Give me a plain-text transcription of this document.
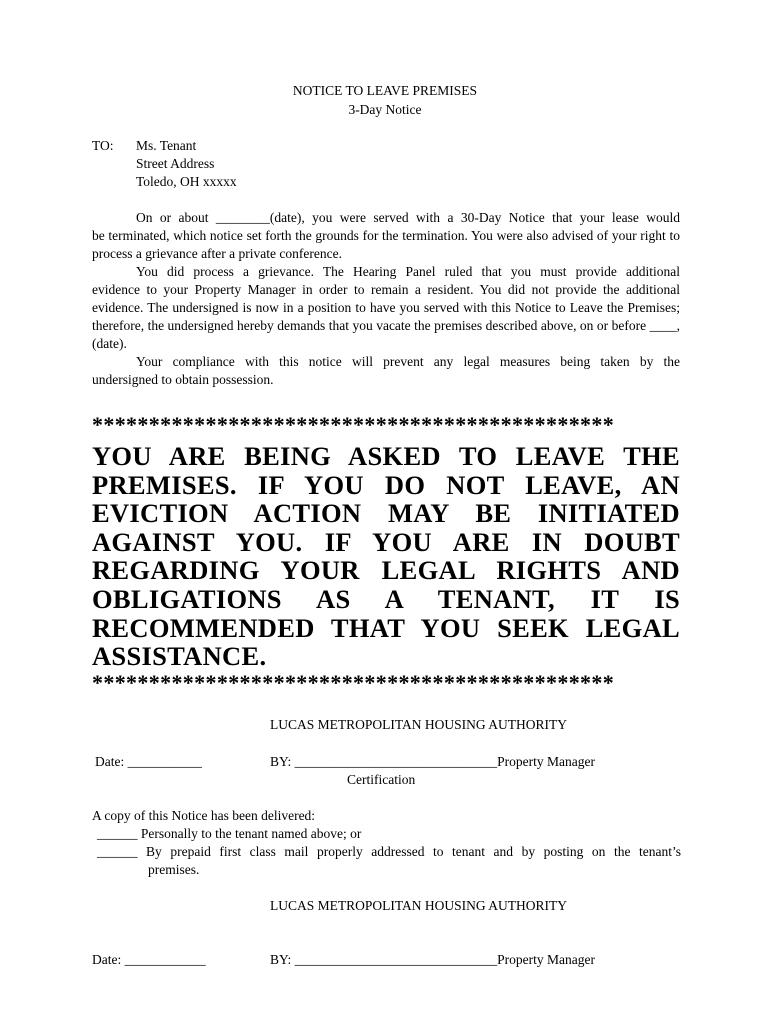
NOTICE TO LEAVE PREMISES
3-Day Notice
TO: Ms. Tenant
Street Address
Toledo, OH xxxxx
On or about ________(date), you were served with a 30-Day Notice that your lease would
be terminated, which notice set forth the grounds for the termination. You were also advised of your right to process a grievance after a private conference.
You did process a grievance. The Hearing Panel ruled that you must provide additional
evidence to your Property Manager in order to remain a resident. You did not provide the additional evidence. The undersigned is now in a position to have you served with this Notice to Leave the Premises; therefore, the undersigned hereby demands that you vacate the premises described above, on or before ____, (date).
Your compliance with this notice will prevent any legal measures being taken by the
undersigned to obtain possession.
**********************************************
YOU ARE BEING ASKED TO LEAVE THE PREMISES. IF YOU DO NOT LEAVE, AN EVICTION ACTION MAY BE INITIATED AGAINST YOU. IF YOU ARE IN DOUBT REGARDING YOUR LEGAL RIGHTS AND OBLIGATIONS AS A TENANT, IT IS RECOMMENDED THAT YOU SEEK LEGAL ASSISTANCE.
**********************************************
LUCAS METROPOLITAN HOUSING AUTHORITY
Date: ___________	BY: ______________________________Property Manager
Certification
A copy of this Notice has been delivered:
______ Personally to the tenant named above; or
______ By prepaid first class mail properly addressed to tenant and by posting on the tenant’s
premises.
LUCAS METROPOLITAN HOUSING AUTHORITY
Date: ____________	BY: ______________________________Property Manager
